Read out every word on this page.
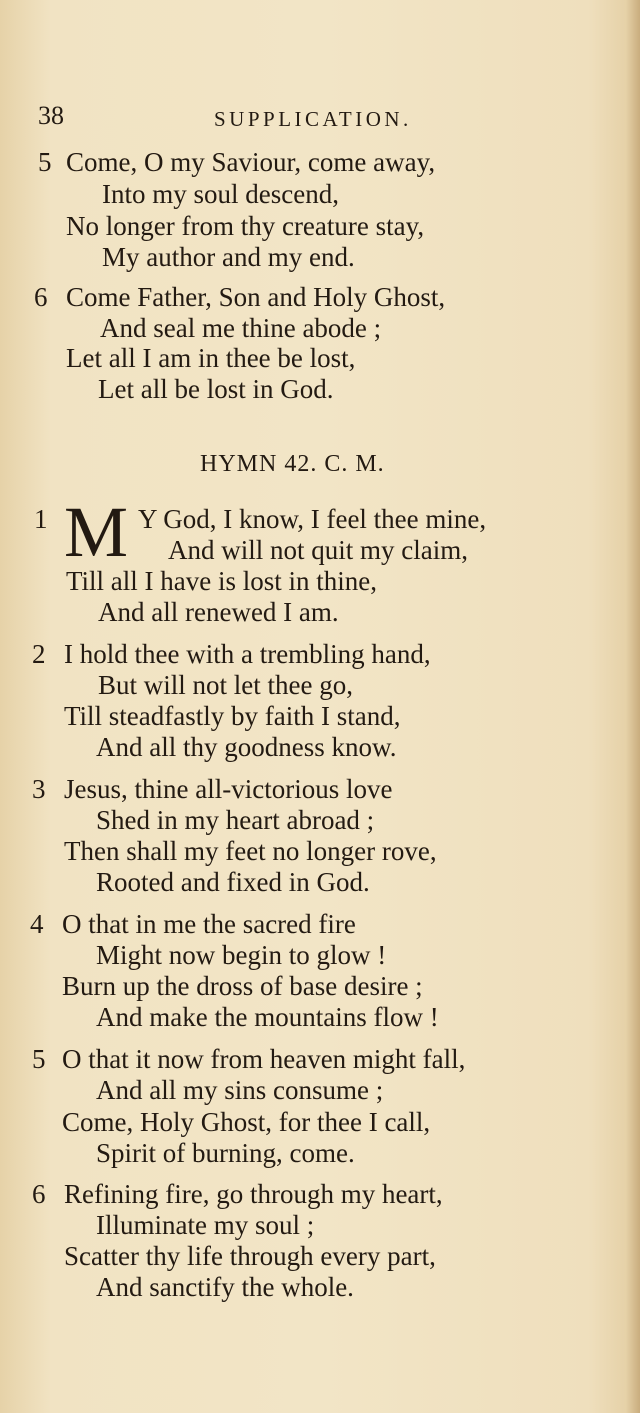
38	SUPPLICATION.
5 Come, O my Saviour, come away,
Into my soul descend,
No longer from thy creature stay,
My author and my end.
6 Come Father, Son and Holy Ghost,
And seal me thine abode ;
Let all I am in thee be lost,
Let all be lost in God.
HYMN 42. C. M.
1 M Y God, I know, I feel thee mine,
And will not quit my claim,
Till all I have is lost in thine,
And all renewed I am.
2 I hold thee with a trembling hand,
But will not let thee go,
Till steadfastly by faith I stand,
And all thy goodness know.
3 Jesus, thine all-victorious love
Shed in my heart abroad ;
Then shall my feet no longer rove,
Rooted and fixed in God.
4 O that in me the sacred fire
Might now begin to glow !
Burn up the dross of base desire ;
And make the mountains flow !
5 O that it now from heaven might fall,
And all my sins consume ;
Come, Holy Ghost, for thee I call,
Spirit of burning, come.
6 Refining fire, go through my heart,
Illuminate my soul ;
Scatter thy life through every part,
And sanctify the whole.
